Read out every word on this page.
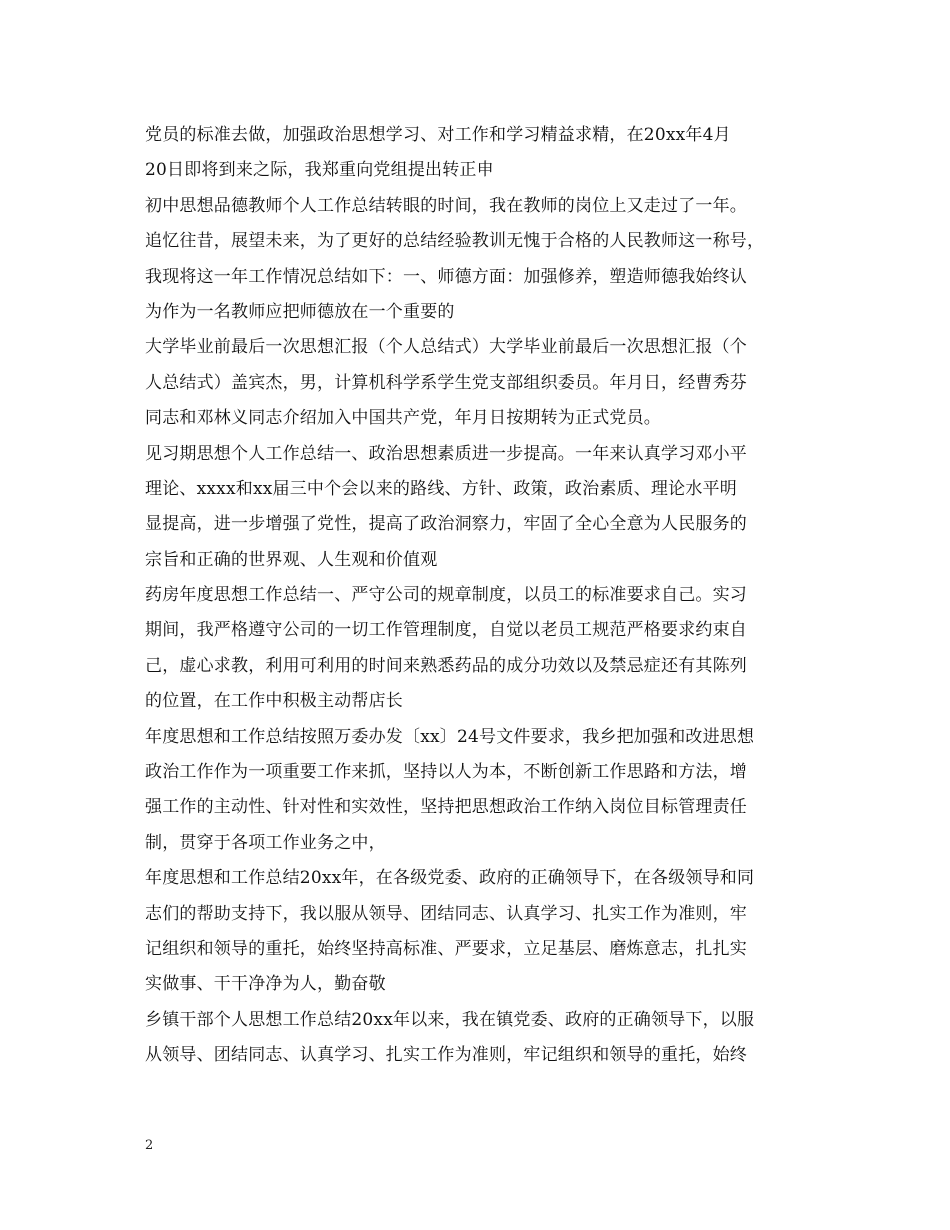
党员的标准去做，加强政治思想学习、对工作和学习精益求精，在20xx年4月
20日即将到来之际，我郑重向党组提出转正申
初中思想品德教师个人工作总结转眼的时间，我在教师的岗位上又走过了一年。
追忆往昔，展望未来，为了更好的总结经验教训无愧于合格的人民教师这一称号，
我现将这一年工作情况总结如下：一、师德方面：加强修养，塑造师德我始终认
为作为一名教师应把师德放在一个重要的
大学毕业前最后一次思想汇报（个人总结式）大学毕业前最后一次思想汇报（个
人总结式）盖宾杰，男，计算机科学系学生党支部组织委员。年月日，经曹秀芬
同志和邓林义同志介绍加入中国共产党，年月日按期转为正式党员。
见习期思想个人工作总结一、政治思想素质进一步提高。一年来认真学习邓小平
理论、xxxx和xx届三中个会以来的路线、方针、政策，政治素质、理论水平明
显提高，进一步增强了党性，提高了政治洞察力，牢固了全心全意为人民服务的
宗旨和正确的世界观、人生观和价值观
药房年度思想工作总结一、严守公司的规章制度，以员工的标准要求自己。实习
期间，我严格遵守公司的一切工作管理制度，自觉以老员工规范严格要求约束自
己，虚心求教，利用可利用的时间来熟悉药品的成分功效以及禁忌症还有其陈列
的位置，在工作中积极主动帮店长
年度思想和工作总结按照万委办发〔xx〕24号文件要求，我乡把加强和改进思想
政治工作作为一项重要工作来抓，坚持以人为本，不断创新工作思路和方法，增
强工作的主动性、针对性和实效性，坚持把思想政治工作纳入岗位目标管理责任
制，贯穿于各项工作业务之中，
年度思想和工作总结20xx年，在各级党委、政府的正确领导下，在各级领导和同
志们的帮助支持下，我以服从领导、团结同志、认真学习、扎实工作为准则，牢
记组织和领导的重托，始终坚持高标准、严要求，立足基层、磨炼意志，扎扎实
实做事、干干净净为人，勤奋敬
乡镇干部个人思想工作总结20xx年以来，我在镇党委、政府的正确领导下，以服
从领导、团结同志、认真学习、扎实工作为准则，牢记组织和领导的重托，始终
2
